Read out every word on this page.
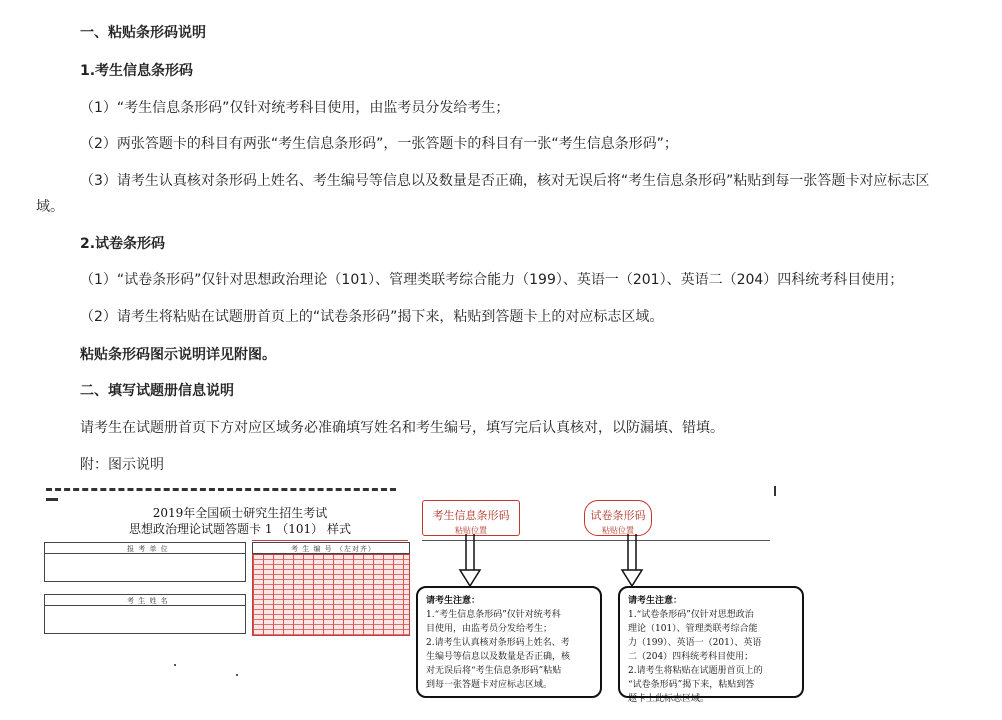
一、粘贴条形码说明
1.考生信息条形码
（1）“考生信息条形码”仅针对统考科目使用，由监考员分发给考生；
（2）两张答题卡的科目有两张“考生信息条形码”，一张答题卡的科目有一张“考生信息条形码”；
（3）请考生认真核对条形码上姓名、考生编号等信息以及数量是否正确，核对无误后将“考生信息条形码”粘贴到每一张答题卡对应标志区
域。
2.试卷条形码
（1）“试卷条形码”仅针对思想政治理论（101）、管理类联考综合能力（199）、英语一（201）、英语二（204）四科统考科目使用；
（2）请考生将粘贴在试题册首页上的“试卷条形码”揭下来，粘贴到答题卡上的对应标志区域。
粘贴条形码图示说明详见附图。
二、填写试题册信息说明
请考生在试题册首页下方对应区域务必准确填写姓名和考生编号，填写完后认真核对，以防漏填、错填。
附：图示说明
2019年全国硕士研究生招生考试
思想政治理论试题答题卡 1 （101） 样式
报 考 单 位
考 生 姓 名
考 生 编 号 （左对齐）
考生信息条形码
粘贴位置
试卷条形码
粘贴位置
请考生注意：
1.“考生信息条形码”仅针对统考科
目使用，由监考员分发给考生；
2.请考生认真核对条形码上姓名、考
生编号等信息以及数量是否正确，核
对无误后将“考生信息条形码”粘贴
到每一张答题卡对应标志区域。
请考生注意：
1.“试卷条形码”仅针对思想政治
理论（101）、管理类联考综合能
力（199）、英语一（201）、英语
二（204）四科统考科目使用；
2.请考生将粘贴在试题册首页上的
“试卷条形码”揭下来，粘贴到答
题卡上此标志区域。
